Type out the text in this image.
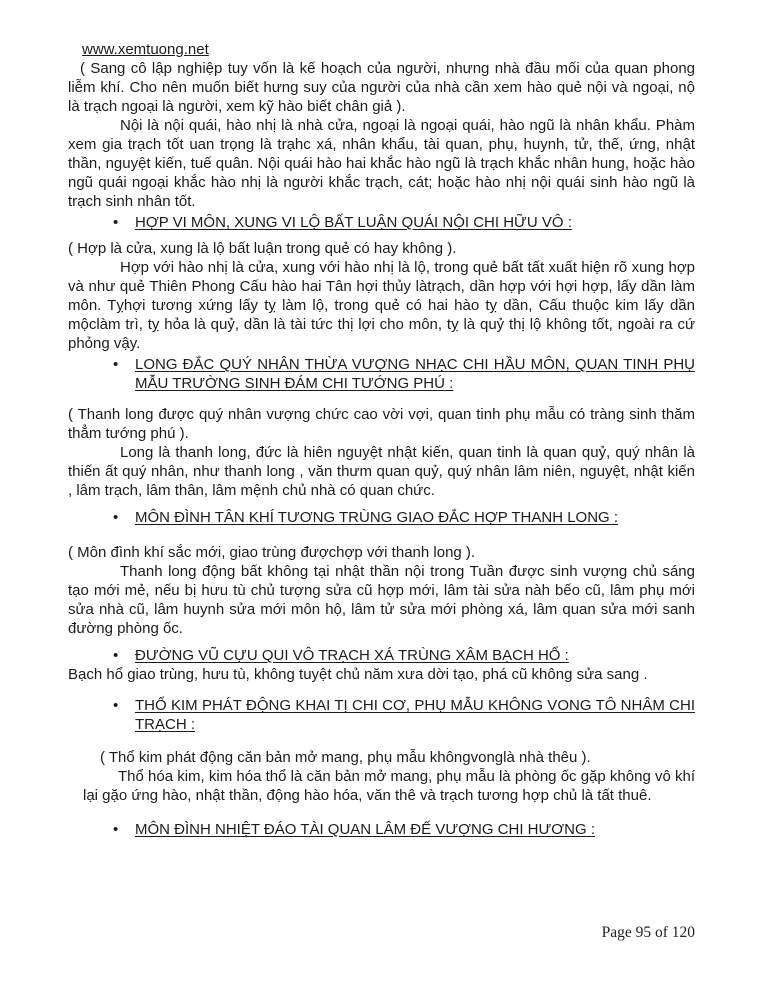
www.xemtuong.net

( Sang cô lập nghiệp tuy vốn là kế hoạch của người, nhưng nhà đầu mối của quan phong liễm khí. Cho nên muốn biết hưng suy của người của nhà cần xem hào quẻ nội và ngoại, nộ là trạch ngoại là người, xem kỹ hào biết chân giả ).

Nội là nội quái, hào nhị là nhà cửa, ngoại là ngoại quái, hào ngũ là nhân khẩu. Phàm xem gia trạch tốt uan trọng là trạhc xá, nhân khẩu, tài quan, phụ, huynh, tử, thế, ứng, nhật thần, nguyệt kiến, tuế quân. Nội quái hào hai khắc hào ngũ là trạch khắc nhân hung, hoặc hào ngũ quái ngoại khắc hào nhị là người khắc trạch, cát; hoặc hào nhị nội quái sinh hào ngũ là trạch sinh nhân tốt.

•	HỢP VI MÔN, XUNG VI LỘ BẤT LUẬN QUÁI NỘI CHI HỮU VÔ :

( Hợp là cửa, xung là lộ bất luận trong quẻ có hay không ).

Hợp với hào nhị là cửa, xung với hào nhị là lộ, trong quẻ bất tất xuất hiện rõ xung hợp và như quẻ Thiên Phong Cấu hào hai Tân hợi thủy làtrạch, dần hợp với hợi hợp, lấy dần làm môn. Tỵhợi tương xứng lấy tỵ làm lộ, trong quẻ có hai hào tỵ dần, Cấu thuộc kim lấy dần mộclàm trì, tỵ hỏa là quỷ, dần là tài tức thị lợi cho môn, tỵ là quỷ thị lộ không tốt, ngoài ra cứ phỏng vậy.

•	LONG ĐẮC QUÝ NHÂN THỪA VƯỢNG NHẠC CHI HẦU MÔN, QUAN TINH PHỤ MẪU TRƯỜNG SINH ĐÁM CHI TƯỚNG PHÚ :

( Thanh long được quý nhân vượng chức cao vời vợi, quan tinh phụ mẫu có tràng sinh thăm thẳm tướng phú ).

Long là thanh long, đức là hiên nguyệt nhật kiến, quan tinh là quan quỷ, quý nhân là thiến ất quý nhân, như thanh long , văn thưm quan quỷ, quý nhân lâm niên, nguyệt, nhật kiến , lâm trạch, lâm thân, lâm mệnh chủ nhà có quan chức.

•	MÔN ĐÌNH TÂN KHÍ TƯƠNG TRÙNG GIAO ĐẮC HỢP THANH LONG :

( Môn đình khí sắc mới, giao trùng đượchợp với thanh long ).

Thanh long động bất không tại nhật thần nội trong Tuần được sinh vượng chủ sáng tạo mới mẻ, nếu bị hưu tù chủ tượng sửa cũ hợp mới, lâm tài sửa nàh bếo cũ, lâm phụ mới sửa nhà cũ, lâm huynh sửa mới môn hộ, lâm tử sửa mới phòng xá, lâm quan sửa mới sanh đường phòng ốc.

•	ĐƯỜNG VŨ CỰU QUI VÔ TRẠCH XÁ TRÙNG XÂM BẠCH HỔ :

Bạch hổ giao trùng, hưu tù, không tuyệt chủ năm xưa dời tạo, phá cũ không sửa sang .

•	THỔ KIM PHÁT ĐỘNG KHAI TỊ CHI CƠ, PHỤ MẪU KHÔNG VONG TÔ NHÂM CHI TRẠCH :

( Thổ kim phát động căn bản mở mang, phụ mẫu khôngvonglà nhà thêu ).

Thổ hóa kim, kim hóa thổ là căn bản mở mang, phụ mẫu là phòng ốc gặp không vô khí lại gặo ứng hào, nhật thần, động hào hóa, văn thê và trạch tương hợp chủ là tất thuê.

•	MÔN ĐÌNH NHIỆT ĐÁO TÀI QUAN LÂM ĐẾ VƯỢNG CHI HƯƠNG :
Page 95 of 120
